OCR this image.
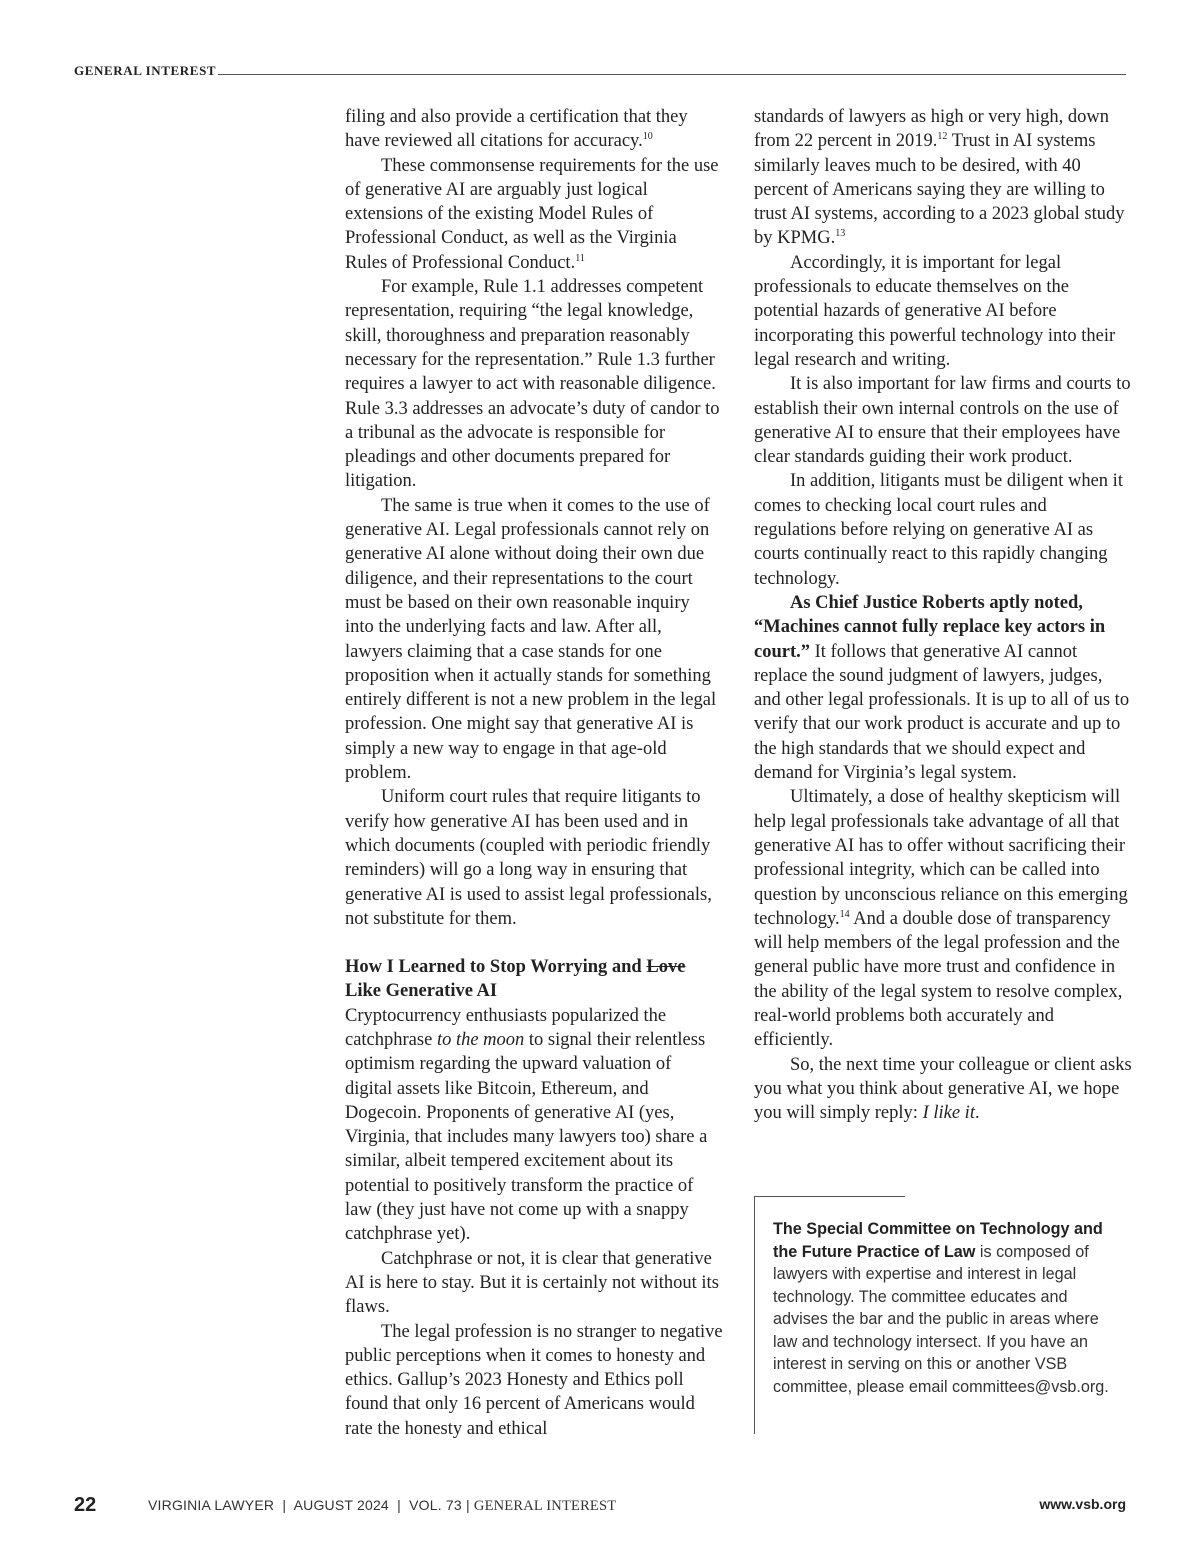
GENERAL INTEREST

filing and also provide a certification that they have reviewed all citations for accuracy.$^{10}$

These commonsense requirements for the use of generative AI are arguably just logical extensions of the existing Model Rules of Professional Conduct, as well as the Virginia Rules of Professional Conduct.$^{11}$

For example, Rule 1.1 addresses competent representation, requiring “the legal knowledge, skill, thoroughness and preparation reasonably necessary for the representation.” Rule 1.3 further requires a lawyer to act with reasonable diligence. Rule 3.3 addresses an advocate’s duty of candor to a tribunal as the advocate is responsible for pleadings and other documents prepared for litigation.

The same is true when it comes to the use of generative AI. Legal professionals cannot rely on generative AI alone without doing their own due diligence, and their representations to the court must be based on their own reasonable inquiry into the underlying facts and law. After all, lawyers claiming that a case stands for one proposition when it actually stands for something entirely different is not a new problem in the legal profession. One might say that generative AI is simply a new way to engage in that age-old problem.

Uniform court rules that require litigants to verify how generative AI has been used and in which documents (coupled with periodic friendly reminders) will go a long way in ensuring that generative AI is used to assist legal professionals, not substitute for them.

How I Learned to Stop Worrying and Love
Like Generative AI

Cryptocurrency enthusiasts popularized the catchphrase to the moon to signal their relentless optimism regarding the upward valuation of digital assets like Bitcoin, Ethereum, and Dogecoin. Proponents of generative AI (yes, Virginia, that includes many lawyers too) share a similar, albeit tempered excitement about its potential to positively transform the practice of law (they just have not come up with a snappy catchphrase yet).

Catchphrase or not, it is clear that generative AI is here to stay. But it is certainly not without its flaws.

The legal profession is no stranger to negative public perceptions when it comes to honesty and ethics. Gallup’s 2023 Honesty and Ethics poll found that only 16 percent of Americans would rate the honesty and ethical

standards of lawyers as high or very high, down from 22 percent in 2019.12 Trust in AI systems similarly leaves much to be desired, with 40 percent of Americans saying they are willing to trust AI systems, according to a 2023 global study by KPMG.$^{13}$

Accordingly, it is important for legal professionals to educate themselves on the potential hazards of generative AI before incorporating this powerful technology into their legal research and writing.

It is also important for law firms and courts to establish their own internal controls on the use of generative AI to ensure that their employees have clear standards guiding their work product.

In addition, litigants must be diligent when it comes to checking local court rules and regulations before relying on generative AI as courts continually react to this rapidly changing technology.

As Chief Justice Roberts aptly noted, “Machines cannot fully replace key actors in court.” It follows that generative AI cannot replace the sound judgment of lawyers, judges, and other legal professionals. It is up to all of us to verify that our work product is accurate and up to the high standards that we should expect and demand for Virginia’s legal system.

Ultimately, a dose of healthy skepticism will help legal professionals take advantage of all that generative AI has to offer without sacrificing their professional integrity, which can be called into question by unconscious reliance on this emerging technology.$^{14}$ And a double dose of transparency will help members of the legal profession and the general public have more trust and confidence in the ability of the legal system to resolve complex, real-world problems both accurately and efficiently.

So, the next time your colleague or client asks you what you think about generative AI, we hope you will simply reply: I like it.

The Special Committee on Technology and the Future Practice of Law is composed of lawyers with expertise and interest in legal technology. The committee educates and advises the bar and the public in areas where law and technology intersect. If you have an interest in serving on this or another VSB committee, please email committees@vsb.org.
22	VIRGINIA LAWYER  |  AUGUST 2024  |  VOL. 73 | GENERAL INTEREST	www.vsb.org
